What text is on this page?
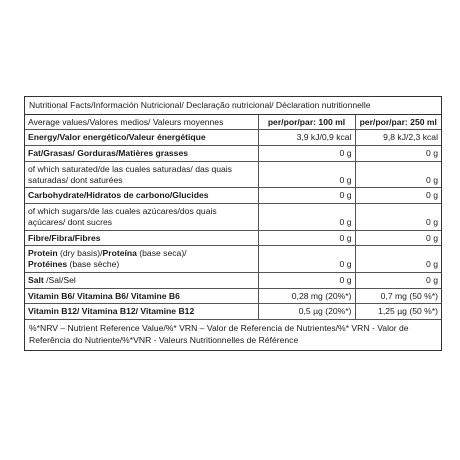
Nutritional Facts/Información Nutricional/ Declaração nutricional/ Déclaration nutritionnelle
Average values/Valores medios/ Valeurs moyennes	per/por/par: 100 ml	per/por/par: 250 ml
Energy/Valor energético/Valeur énergétique	3,9 kJ/0,9 kcal	9,8 kJ/2,3 kcal
Fat/Grasas/ Gorduras/Matières grasses	0 g	0 g
of which saturated/de las cuales saturadas/ das quais saturadas/ dont saturées	0 g	0 g
Carbohydrate/Hidratos de carbono/Glucides	0 g	0 g
of which sugars/de las cuales azúcares/dos quais açúcares/ dont sucres	0 g	0 g
Fibre/Fibra/Fibres	0 g	0 g
Protein (dry basis)/Proteína (base seca)/
Protéines (base sèche)	0 g	0 g
Salt /Sal/Sel	0 g	0 g
Vitamin B6/ Vitamina B6/ Vitamine B6	0,28 mg (20%*)	0,7 mg (50 %*)
Vitamin B12/ Vitamina B12/ Vitamine B12	0,5 µg (20%*)	1,25 µg (50 %*)
%*NRV – Nutrient Reference Value/%* VRN – Valor de Referencia de Nutrientes/%* VRN - Valor de Referência do Nutriente/%*VNR - Valeurs Nutritionnelles de Référence
